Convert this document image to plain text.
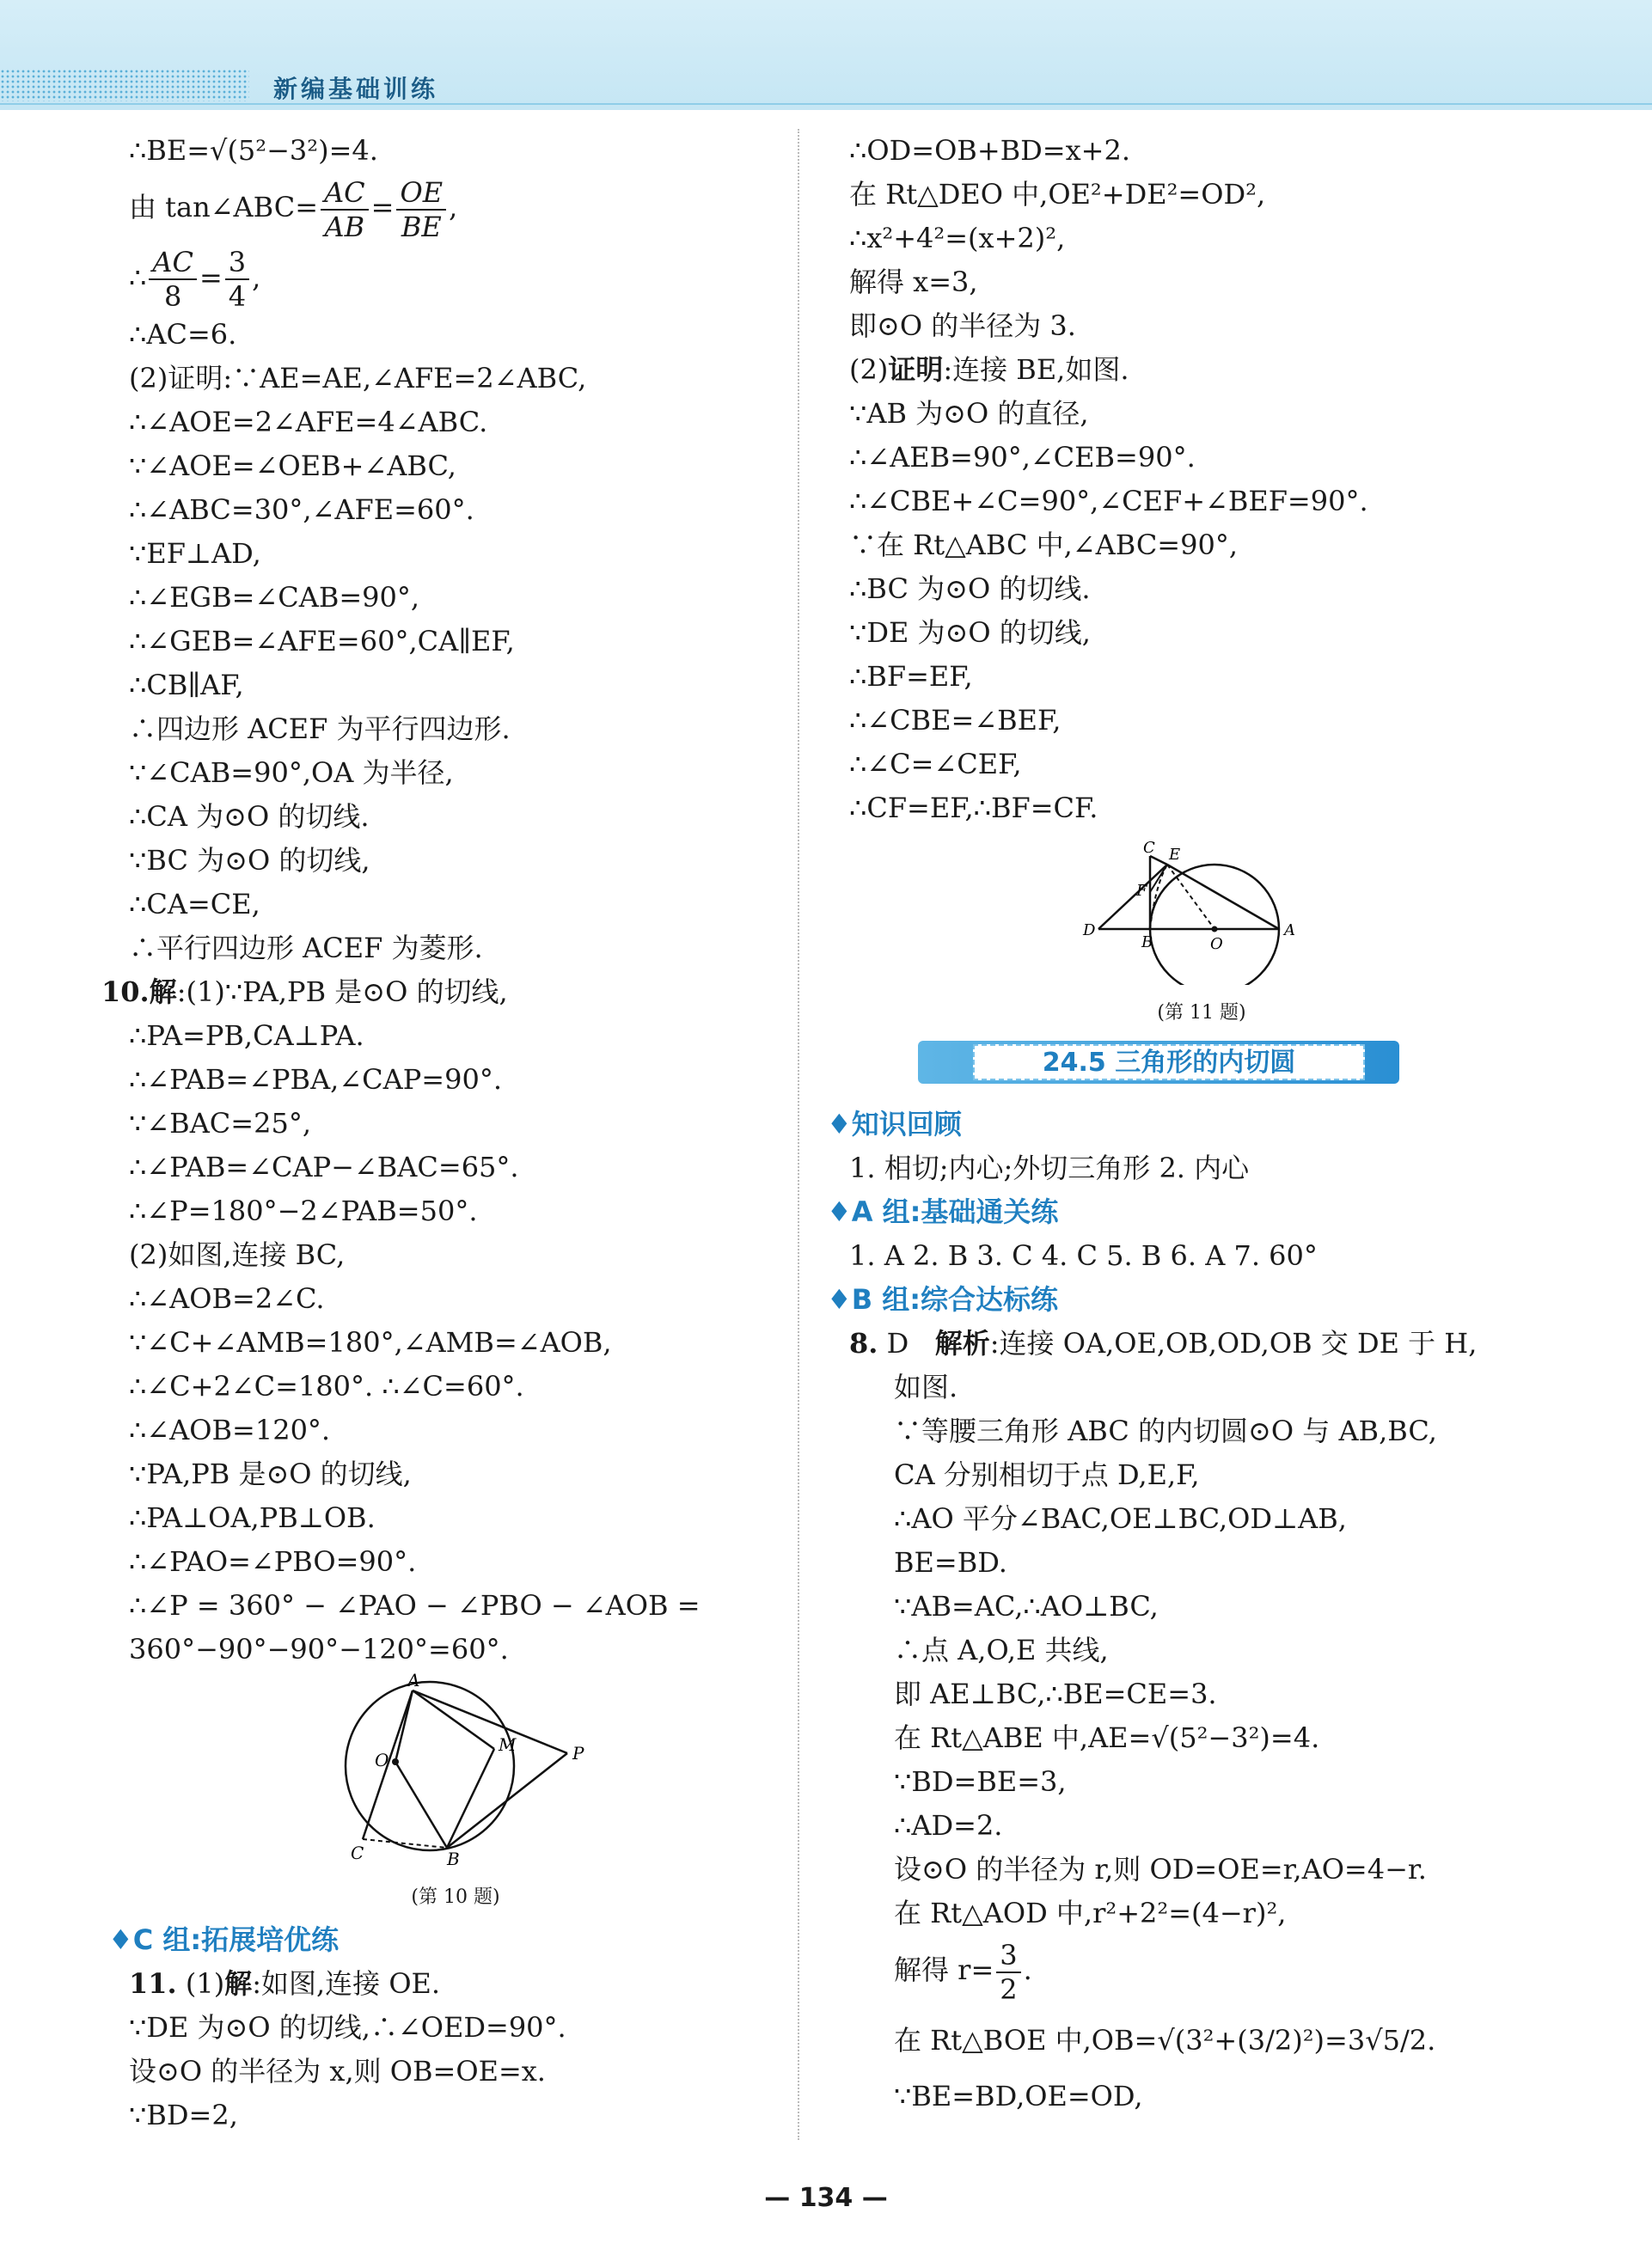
新编基础训练
∴BE=√(5²−3²)=4.
由 tan∠ABC= $\frac{AC}{AB} = \frac{OE}{BE}$ ,
∴ $\frac{AC}{8} = \frac{3}{4}$ ,
∴AC=6.
(2)证明:∵AE=AE,∠AFE=2∠ABC,
∴∠AOE=2∠AFE=4∠ABC.
∵∠AOE=∠OEB+∠ABC,
∴∠ABC=30°,∠AFE=60°.
∵EF⊥AD,
∴∠EGB=∠CAB=90°,
∴∠GEB=∠AFE=60°,CA∥EF,
∴CB∥AF,
∴四边形 ACEF 为平行四边形.
∵∠CAB=90°,OA 为半径,
∴CA 为⊙O 的切线.
∵BC 为⊙O 的切线,
∴CA=CE,
∴平行四边形 ACEF 为菱形.
10.解:(1)∵PA,PB 是⊙O 的切线,
∴PA=PB,CA⊥PA.
∴∠PAB=∠PBA,∠CAP=90°.
∵∠BAC=25°,
∴∠PAB=∠CAP−∠BAC=65°.
∴∠P=180°−2∠PAB=50°.
(2)如图,连接 BC,
∴∠AOB=2∠C.
∵∠C+∠AMB=180°,∠AMB=∠AOB,
∴∠C+2∠C=180°. ∴∠C=60°.
∴∠AOB=120°.
∵PA,PB 是⊙O 的切线,
∴PA⊥OA,PB⊥OB.
∴∠PAO=∠PBO=90°.
∴∠P = 360° − ∠PAO − ∠PBO − ∠AOB =
360°−90°−90°−120°=60°.
A
O
M	P
C	B
(第 10 题)
♦C 组:拓展培优练
11. (1)解:如图,连接 OE.
∵DE 为⊙O 的切线,∴∠OED=90°.
设⊙O 的半径为 x,则 OB=OE=x.
∵BD=2,
∴OD=OB+BD=x+2.
在 Rt△DEO 中,OE²+DE²=OD²,
∴x²+4²=(x+2)²,
解得 x=3,
即⊙O 的半径为 3.
(2)证明:连接 BE,如图.
∵AB 为⊙O 的直径,
∴∠AEB=90°,∠CEB=90°.
∴∠CBE+∠C=90°,∠CEF+∠BEF=90°.
∵在 Rt△ABC 中,∠ABC=90°,
∴BC 为⊙O 的切线.
∵DE 为⊙O 的切线,
∴BF=EF,
∴∠CBE=∠BEF,
∴∠C=∠CEF,
∴CF=EF,∴BF=CF.
C E
F
D
B	O
A
(第 11 题)
24.5 三角形的内切圆
♦知识回顾
1. 相切;内心;外切三角形 2. 内心
♦A 组:基础通关练
1. A 2. B 3. C 4. C 5. B 6. A 7. 60°
♦B 组:综合达标练
8. D 解析:连接 OA,OE,OB,OD,OB 交 DE 于 H,
如图.
∵等腰三角形 ABC 的内切圆⊙O 与 AB,BC,
CA 分别相切于点 D,E,F,
∴AO 平分∠BAC,OE⊥BC,OD⊥AB,
BE=BD.
∵AB=AC,∴AO⊥BC,
∴点 A,O,E 共线,
即 AE⊥BC,∴BE=CE=3.
在 Rt△ABE 中,AE=√(5²−3²)=4.
∵BD=BE=3,
∴AD=2.
设⊙O 的半径为 r,则 OD=OE=r,AO=4−r.
在 Rt△AOD 中,r²+2²=(4−r)²,
解得 $r= \frac{3}{2}$ .
在 Rt△BOE 中,OB=√(3²+(3/2)²)=3√5/2.
∵BE=BD,OE=OD,
— 134 —
